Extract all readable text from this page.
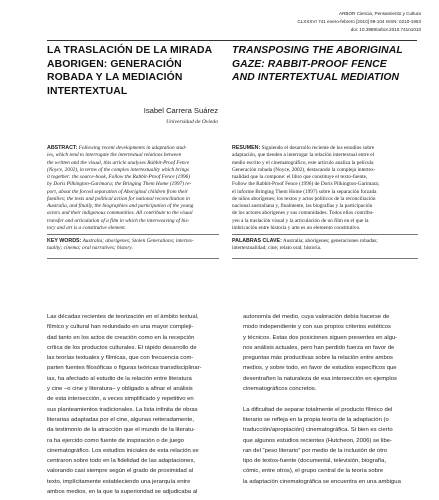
ARBOR Ciencia, Pensamiento y Cultura
CLXXXVI 741 enero-febrero [2010] 99-104 ISSN: 0210-1963
doi: 10.3989/arbor.2010.741n1010
LA TRASLACIÓN DE LA MIRADA
ABORIGEN: GENERACIÓN
ROBADA Y LA MEDIACIÓN
INTERTEXTUAL
TRANSPOSING THE ABORIGINAL
GAZE: RABBIT-PROOF FENCE
AND INTERTEXTUAL MEDIATION
Isabel Carrera Suárez
Universidad de Oviedo
ABSTRACT: Following recent developments in adaptation stud-
ies, which tend to interrogate the intertextual relations between
the written and the visual, this article analyses Rabbit-Proof Fence
(Noyce, 2002), in terms of the complex intertextuality which brings
it together: the source-book, Follow the Rabbit-Proof Fence (1996)
by Doris Pilkington-Garimara; the Bringing Them Home (1997) re-
port, about the forced separation of Aboriginal children from their
families; the texts and political action for national reconciliation in
Australia, and finally, the biographies and participation of the young
actors and their indigenous communities. All contribute to the visual
transfer and articulation of a film in which the interweaving of his-
tory and art is a constitutive element.
KEY WORDS: Australia; aborigenes; Stolen Generations; intertex-
tuality; cinema; oral narratives; history.
RESUMEN: Siguiendo el desarrollo reciente de los estudios sobre
adaptación, que tienden a interrogar la relación intertextual entre el
medio escrito y el cinematográfico, este artículo analiza la película
Generación robada (Noyce, 2002), destacando la compleja intertex-
tualidad que la compone: el libro que constituye el texto-fuente,
Follow the Rabbit-Proof Fence (1996) de Doris Pilkington-Garimara;
el informe Bringing Them Home (1997) sobre la separación forzada
de niños aborígenes; los textos y actos políticos de la reconciliación
nacional australiana y, finalmente, las biografías y la participación
de los actores aborígenes y sus comunidades. Todos ellos contribu-
yen a la traslación visual y la articulación de un film en el que la
imbricación entre historia y arte es un elemento constitutivo.
PALABRAS CLAVE: Australia; aborígenes; generaciones robadas;
intertextualidad; cine; relato oral; historia.
Las décadas recientes de teorización en el ámbito textual,
fílmico y cultural han redundado en una mayor compleji-
dad tanto en los actos de creación como en la recepción
crítica de los productos culturales. El rápido desarrollo de
las teorías textuales y fílmicas, que con frecuencia com-
parten fuentes filosóficas o figuras teóricas transdisciplinar-
ias, ha afectado al estudio de la relación entre literatura
y cine –o cine y literatura– y obligado a afinar el análisis
de esta intersección, a veces simplificado y repetitivo en
sus planteamientos tradicionales. La lista infinita de obras
literarias adaptadas por el cine, algunas reiteradamente,
da testimonio de la atracción que el mundo de la literatu-
ra ha ejercido como fuente de inspiración o de juego
cinematográfico. Los estudios iniciales de esta relación se
centraron sobre todo en la fidelidad de las adaptaciones,
valorando casi siempre según el grado de proximidad al
texto, implícitamente estableciendo una jerarquía entre
ambos medios, en la que la superioridad se adjudicaba al
autonomía del medio, cuya valoración debía hacerse de
modo independiente y con sus propios criterios estéticos
y técnicos. Estas dos posiciones siguen presentes en algu-
nos análisis actuales, pero han perdido fuerza en favor de
preguntas más productivas sobre la relación entre ambos
medios, y sobre todo, en favor de estudios específicos que
desentrañen la naturaleza de esa intersección en ejemplos
cinematográficos concretos.
La dificultad de separar totalmente el producto fílmico del
literario se refleja en la propia teoría de la adaptación (o
traducción/apropiación) cinematográfica. Si bien es cierto
que algunos estudios recientes (Hutcheon, 2006) se libe-
ran del “peso literario” por medio de la inclusión de otro
tipo de textos-fuente (documental, televisión, biografía,
cómic, entre otros), el grupo central de la teoría sobre
la adaptación cinematográfica se encuentra en una ambigua
